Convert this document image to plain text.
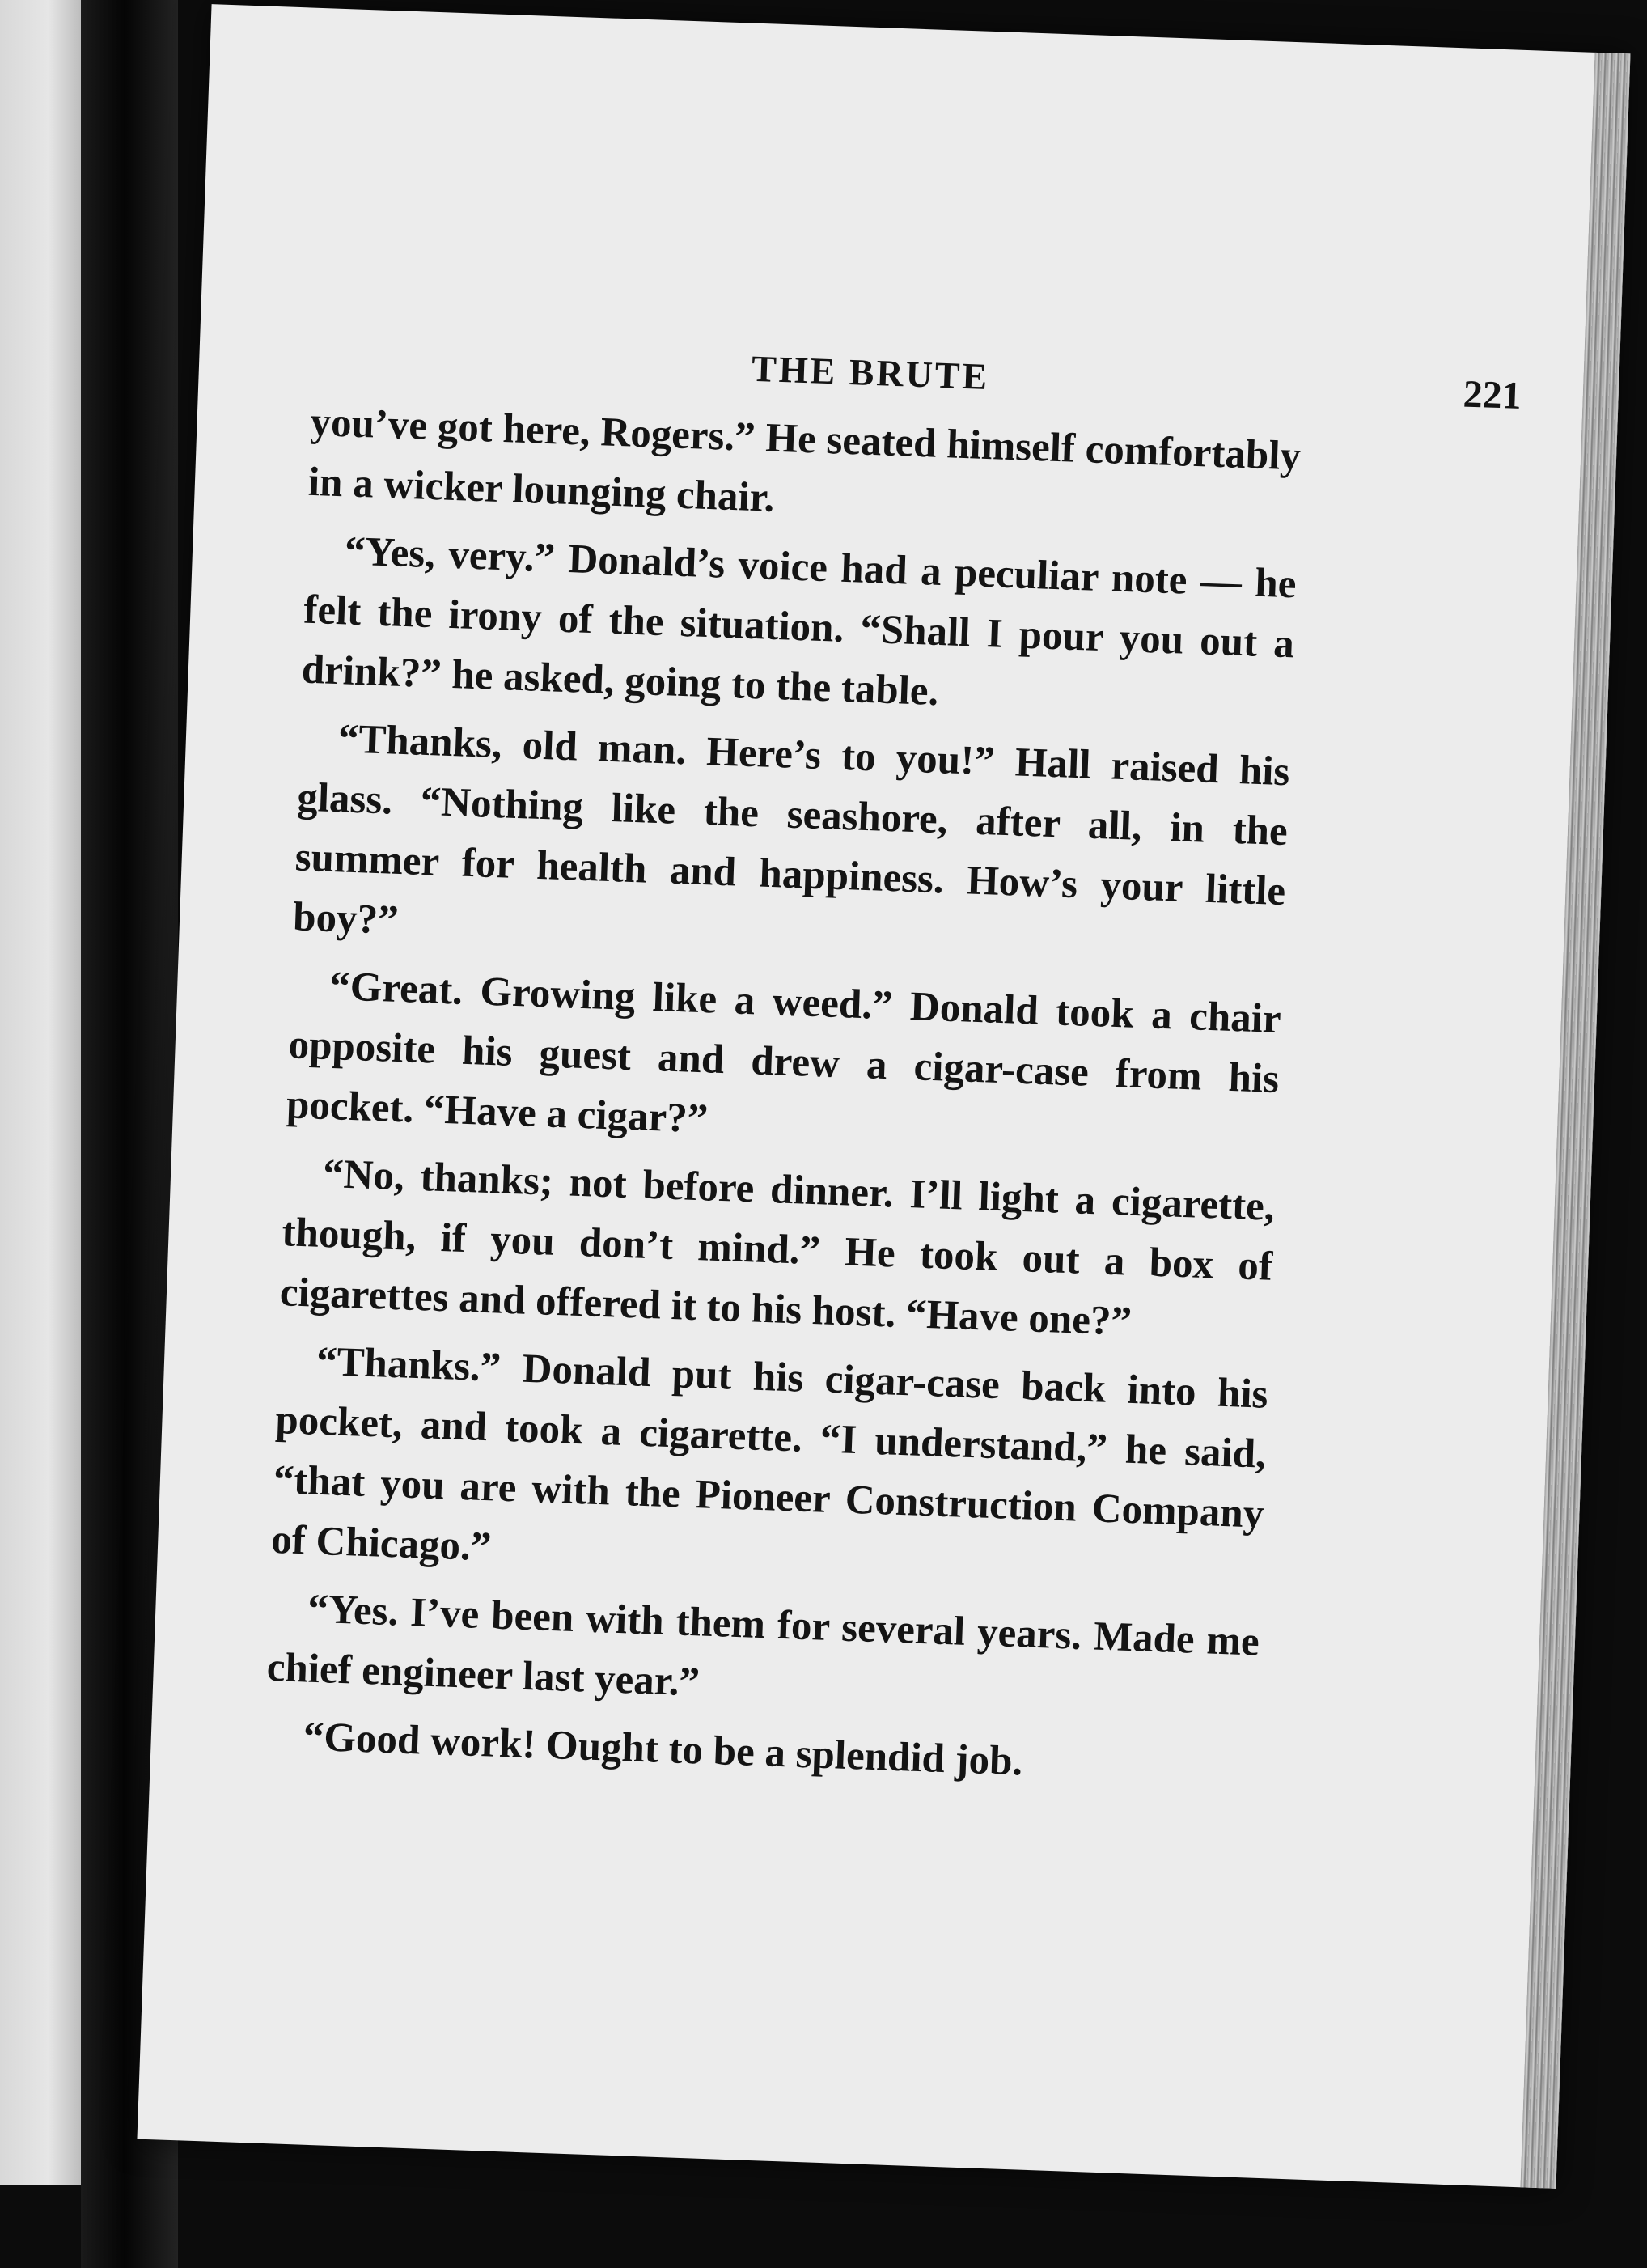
THE BRUTE	221

you’ve got here, Rogers.” He seated himself comfortably in a wicker lounging chair.

“Yes, very.” Donald’s voice had a peculiar note — he felt the irony of the situation. “Shall I pour you out a drink?” he asked, going to the table.

“Thanks, old man. Here’s to you!” Hall raised his glass. “Nothing like the seashore, after all, in the summer for health and happiness. How’s your little boy?”

“Great. Growing like a weed.” Donald took a chair opposite his guest and drew a cigar-case from his pocket. “Have a cigar?”

“No, thanks; not before dinner. I’ll light a cigarette, though, if you don’t mind.” He took out a box of cigarettes and offered it to his host. “Have one?”

“Thanks.” Donald put his cigar-case back into his pocket, and took a cigarette. “I understand,” he said, “that you are with the Pioneer Construction Company of Chicago.”

“Yes. I’ve been with them for several years. Made me chief engineer last year.”

“Good work! Ought to be a splendid job.
